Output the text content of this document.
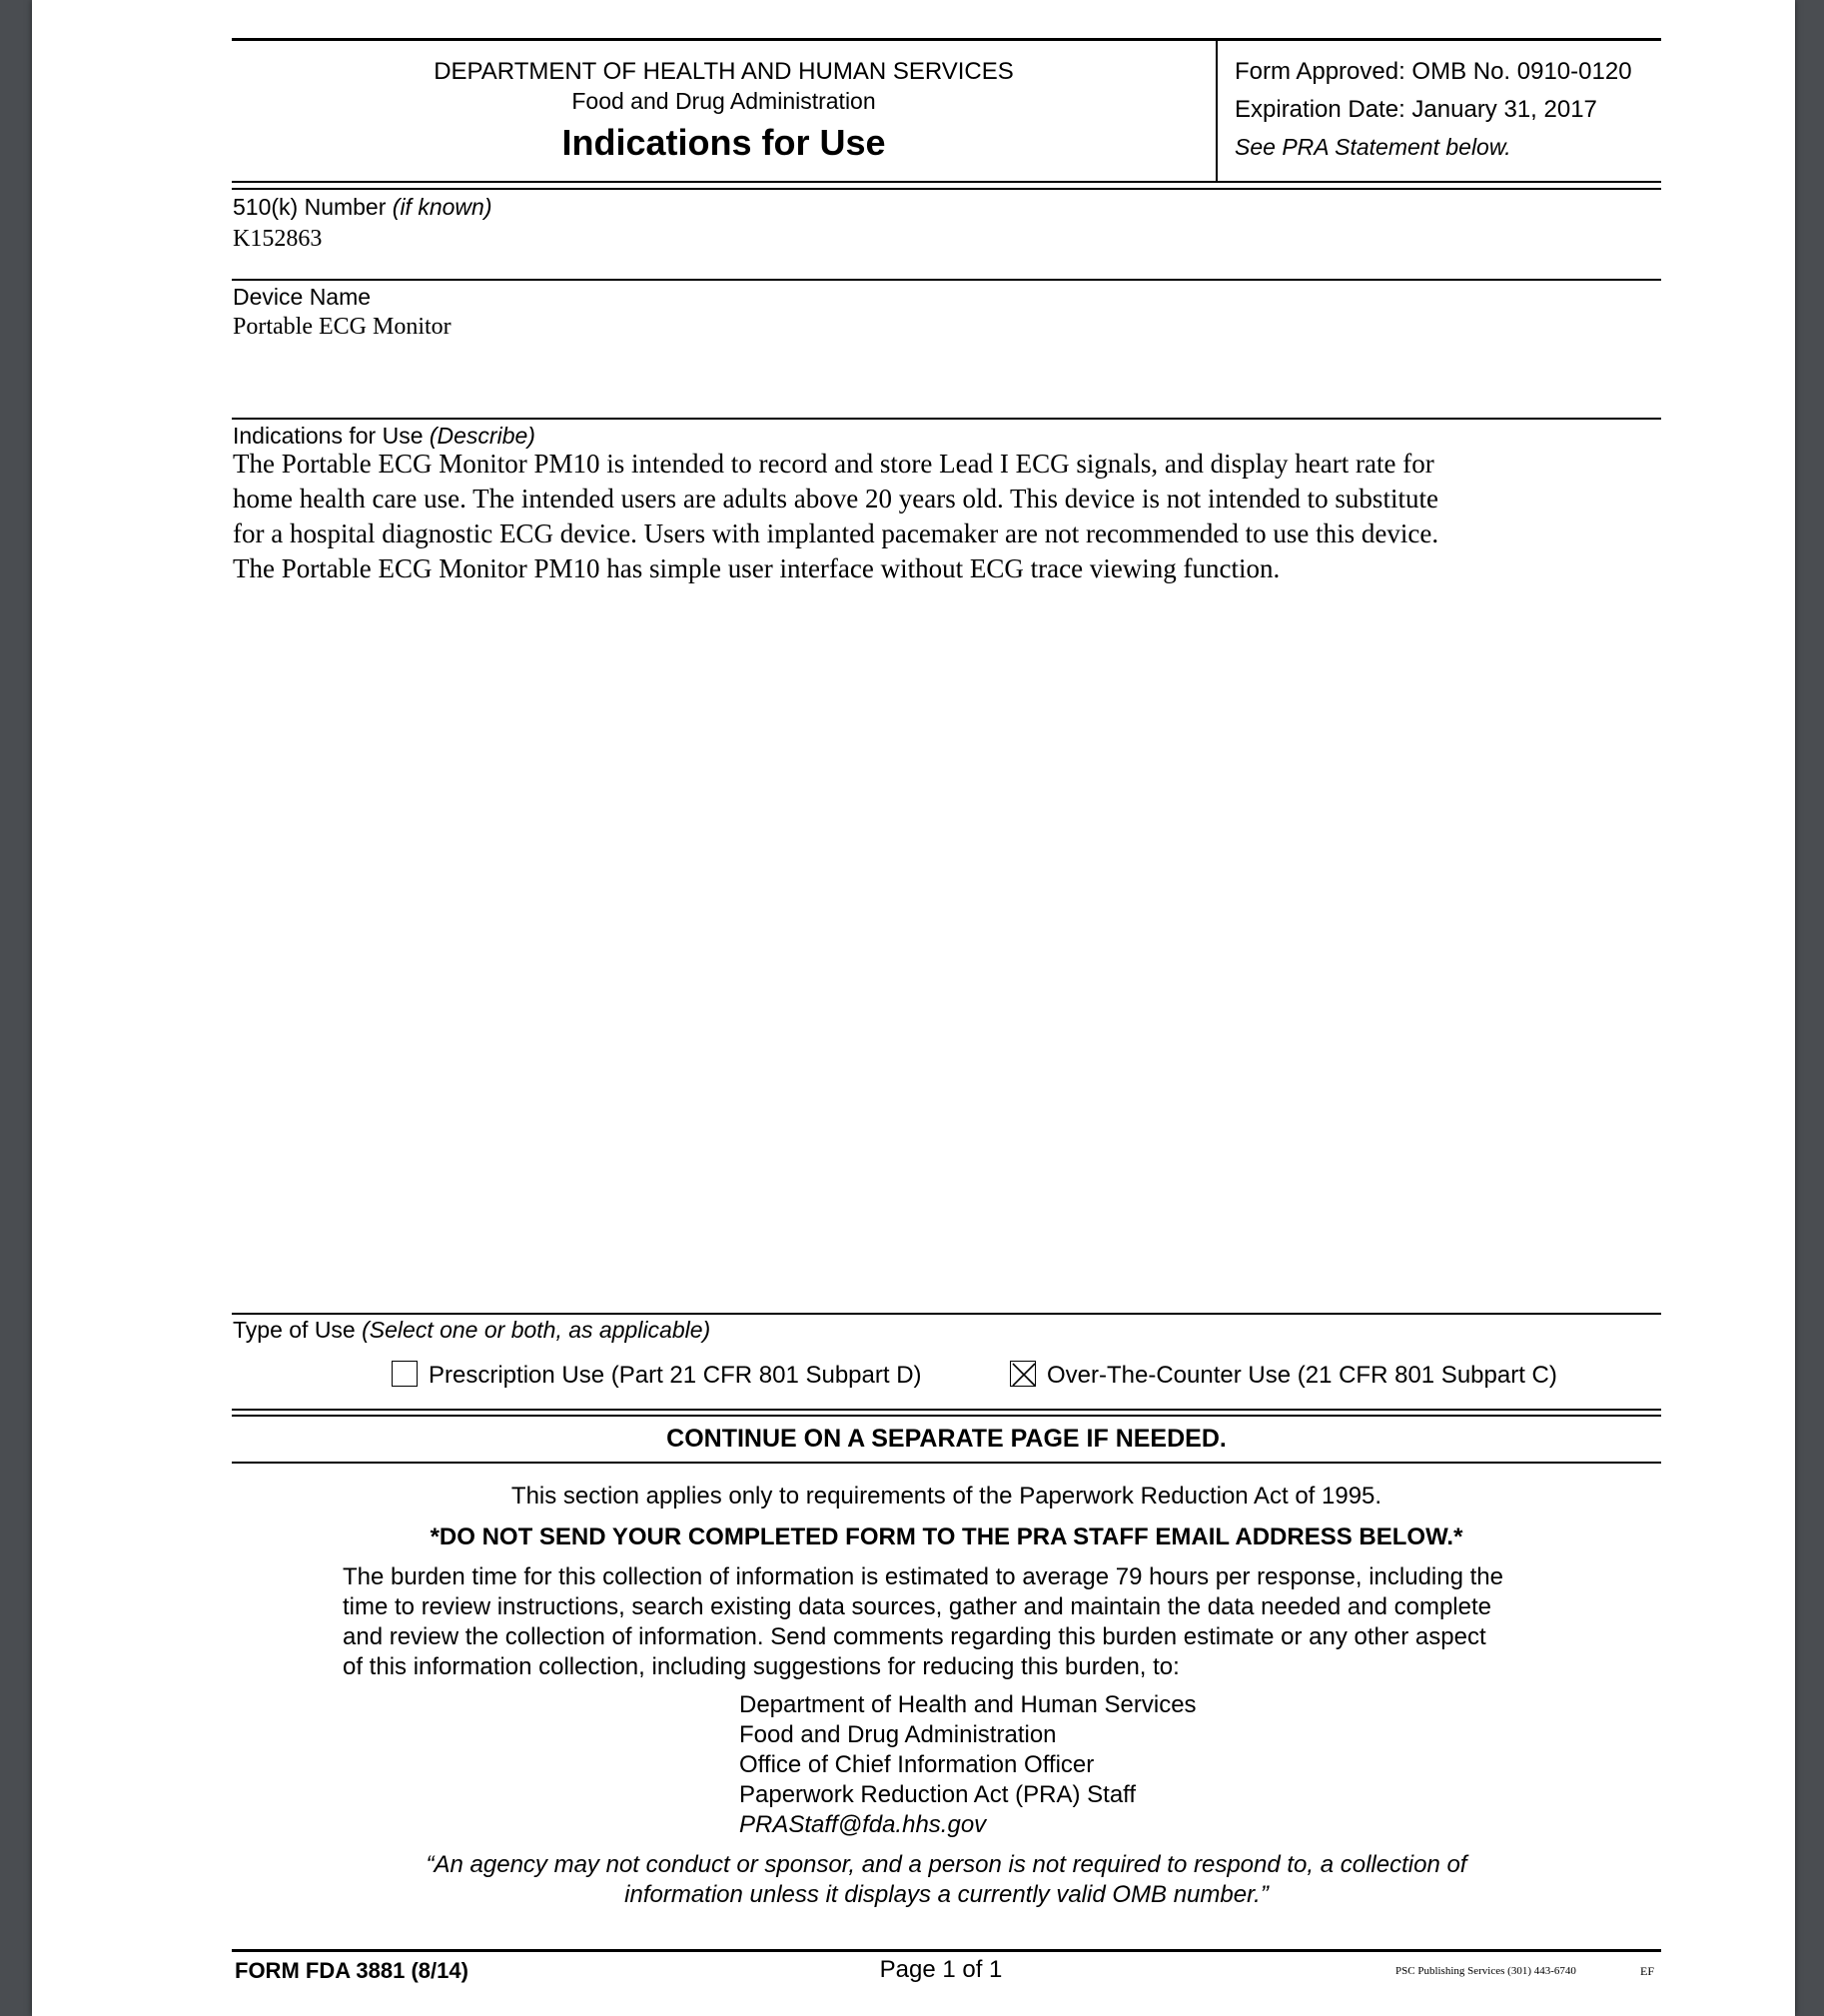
DEPARTMENT OF HEALTH AND HUMAN SERVICES
Food and Drug Administration
Indications for Use
Form Approved: OMB No. 0910-0120
Expiration Date: January 31, 2017
See PRA Statement below.
510(k) Number (if known)
K152863
Device Name
Portable ECG Monitor
Indications for Use (Describe)
The Portable ECG Monitor PM10 is intended to record and store Lead I ECG signals, and display heart rate for
home health care use. The intended users are adults above 20 years old. This device is not intended to substitute
for a hospital diagnostic ECG device. Users with implanted pacemaker are not recommended to use this device.
The Portable ECG Monitor PM10 has simple user interface without ECG trace viewing function.
Type of Use (Select one or both, as applicable)
Prescription Use (Part 21 CFR 801 Subpart D)	Over-The-Counter Use (21 CFR 801 Subpart C)
CONTINUE ON A SEPARATE PAGE IF NEEDED.
This section applies only to requirements of the Paperwork Reduction Act of 1995.
*DO NOT SEND YOUR COMPLETED FORM TO THE PRA STAFF EMAIL ADDRESS BELOW.*

The burden time for this collection of information is estimated to average 79 hours per response, including the

time to review instructions, search existing data sources, gather and maintain the data needed and complete

and review the collection of information. Send comments regarding this burden estimate or any other aspect

of this information collection, including suggestions for reducing this burden, to:

Department of Health and Human Services

Food and Drug Administration

Office of Chief Information Officer

Paperwork Reduction Act (PRA) Staff

PRAStaff@fda.hhs.gov

“An agency may not conduct or sponsor, and a person is not required to respond to, a collection of

information unless it displays a currently valid OMB number.”

FORM FDA 3881 (8/14)	Page 1 of 1	PSC Publishing Services (301) 443-6740	EF
